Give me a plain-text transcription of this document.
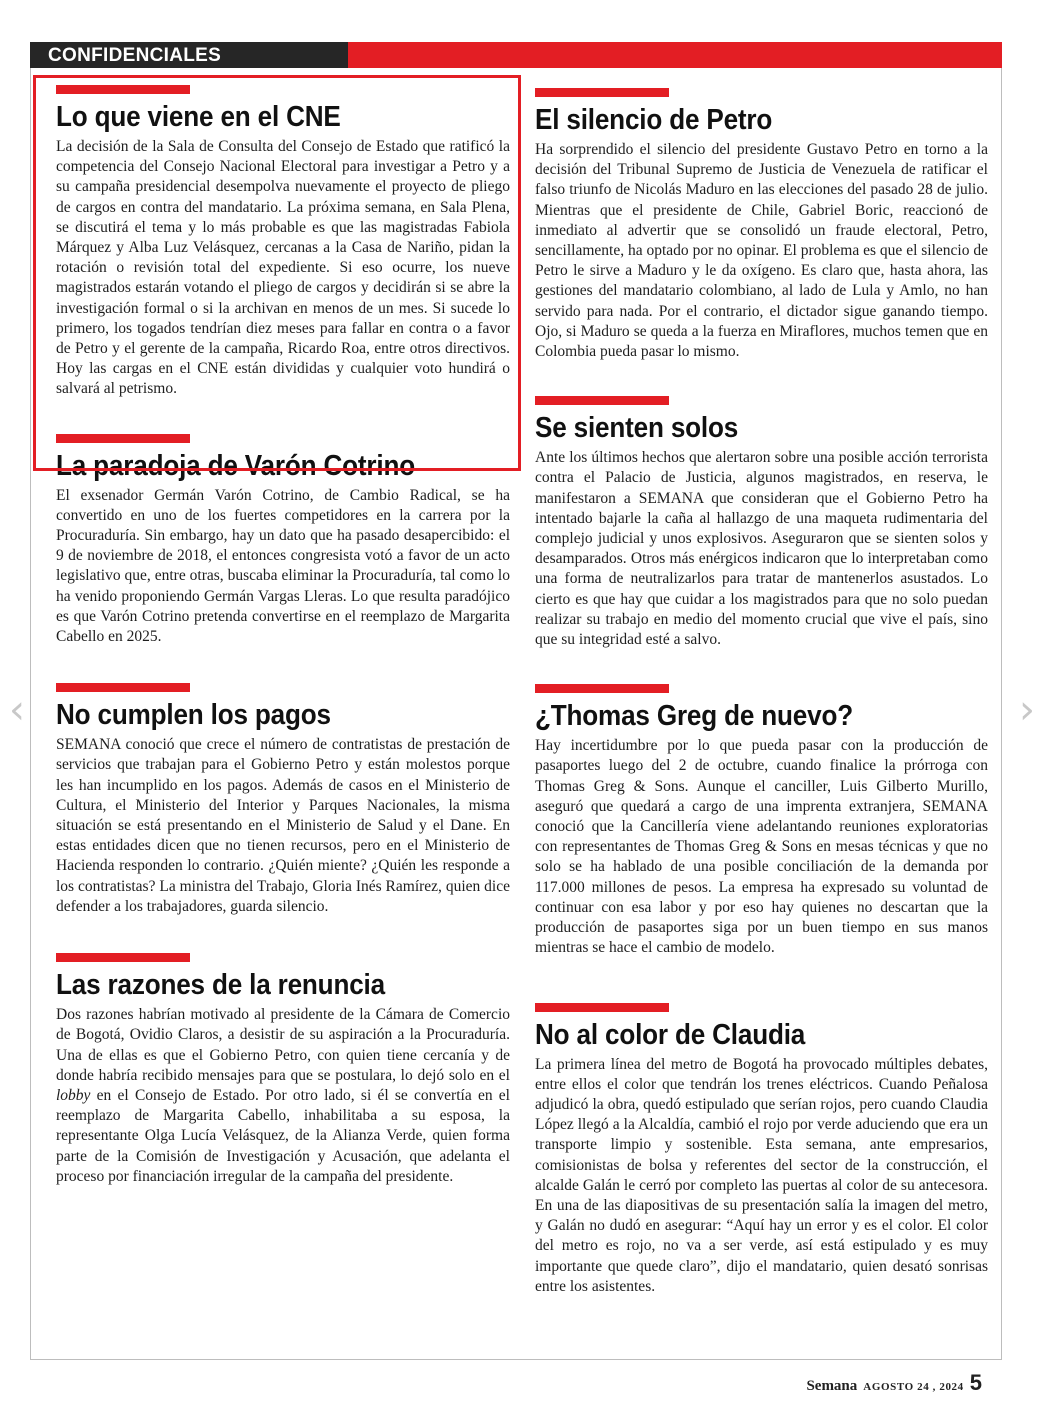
CONFIDENCIALES
Lo que viene en el CNE

La decisión de la Sala de Consulta del Consejo de Estado que ratificó la competencia del Consejo Nacional Electoral para investigar a Petro y a su campaña presidencial desempolva nuevamente el proyecto de pliego de cargos en contra del mandatario. La próxima semana, en Sala Plena, se discutirá el tema y lo más probable es que las magistradas Fabiola Márquez y Alba Luz Velásquez, cercanas a la Casa de Nariño, pidan la rotación o revisión total del expediente. Si eso ocurre, los nueve magistrados estarán votando el pliego de cargos y decidirán si se abre la investigación formal o si la archivan en menos de un mes. Si sucede lo primero, los togados tendrían diez meses para fallar en contra o a favor de Petro y el gerente de la campaña, Ricardo Roa, entre otros directivos. Hoy las cargas en el CNE están divididas y cualquier voto hundirá o salvará al petrismo.

La paradoja de Varón Cotrino

El exsenador Germán Varón Cotrino, de Cambio Radical, se ha convertido en uno de los fuertes competidores en la carrera por la Procuraduría. Sin embargo, hay un dato que ha pasado desapercibido: el 9 de noviembre de 2018, el entonces congresista votó a favor de un acto legislativo que, entre otras, buscaba eliminar la Procuraduría, tal como lo ha venido proponiendo Germán Vargas Lleras. Lo que resulta paradójico es que Varón Cotrino pretenda convertirse en el reemplazo de Margarita Cabello en 2025.

No cumplen los pagos

SEMANA conoció que crece el número de contratistas de prestación de servicios que trabajan para el Gobierno Petro y están molestos porque les han incumplido en los pagos. Además de casos en el Ministerio de Cultura, el Ministerio del Interior y Parques Nacionales, la misma situación se está presentando en el Ministerio de Salud y el Dane. En estas entidades dicen que no tienen recursos, pero en el Ministerio de Hacienda responden lo contrario. ¿Quién miente? ¿Quién les responde a los contratistas? La ministra del Trabajo, Gloria Inés Ramírez, quien dice defender a los trabajadores, guarda silencio.

Las razones de la renuncia

Dos razones habrían motivado al presidente de la Cámara de Comercio de Bogotá, Ovidio Claros, a desistir de su aspiración a la Procuraduría. Una de ellas es que el Gobierno Petro, con quien tiene cercanía y de donde habría recibido mensajes para que se postulara, lo dejó solo en el lobby en el Consejo de Estado. Por otro lado, si él se convertía en el reemplazo de Margarita Cabello, inhabilitaba a su esposa, la representante Olga Lucía Velásquez, de la Alianza Verde, quien forma parte de la Comisión de Investigación y Acusación, que adelanta el proceso por financiación irregular de la campaña del presidente.

El silencio de Petro

Ha sorprendido el silencio del presidente Gustavo Petro en torno a la decisión del Tribunal Supremo de Justicia de Venezuela de ratificar el falso triunfo de Nicolás Maduro en las elecciones del pasado 28 de julio. Mientras que el presidente de Chile, Gabriel Boric, reaccionó de inmediato al advertir que se consolidó un fraude electoral, Petro, sencillamente, ha optado por no opinar. El problema es que el silencio de Petro le sirve a Maduro y le da oxígeno. Es claro que, hasta ahora, las gestiones del mandatario colombiano, al lado de Lula y Amlo, no han servido para nada. Por el contrario, el dictador sigue ganando tiempo. Ojo, si Maduro se queda a la fuerza en Miraflores, muchos temen que en Colombia pueda pasar lo mismo.

Se sienten solos

Ante los últimos hechos que alertaron sobre una posible acción terrorista contra el Palacio de Justicia, algunos magistrados, en reserva, le manifestaron a SEMANA que consideran que el Gobierno Petro ha intentado bajarle la caña al hallazgo de una maqueta rudimentaria del complejo judicial y unos explosivos. Aseguraron que se sienten solos y desamparados. Otros más enérgicos indicaron que lo interpretaban como una forma de neutralizarlos para tratar de mantenerlos asustados. Lo cierto es que hay que cuidar a los magistrados para que no solo puedan realizar su trabajo en medio del momento crucial que vive el país, sino que su integridad esté a salvo.

¿Thomas Greg de nuevo?

Hay incertidumbre por lo que pueda pasar con la producción de pasaportes luego del 2 de octubre, cuando finalice la prórroga con Thomas Greg & Sons. Aunque el canciller, Luis Gilberto Murillo, aseguró que quedará a cargo de una imprenta extranjera, SEMANA conoció que la Cancillería viene adelantando reuniones exploratorias con representantes de Thomas Greg & Sons en mesas técnicas y que no solo se ha hablado de una posible conciliación de la demanda por 117.000 millones de pesos. La empresa ha expresado su voluntad de continuar con esa labor y por eso hay quienes no descartan que la producción de pasaportes siga por un buen tiempo en sus manos mientras se hace el cambio de modelo.

No al color de Claudia

La primera línea del metro de Bogotá ha provocado múltiples debates, entre ellos el color que tendrán los trenes eléctricos. Cuando Peñalosa adjudicó la obra, quedó estipulado que serían rojos, pero cuando Claudia López llegó a la Alcaldía, cambió el rojo por verde aduciendo que era un transporte limpio y sostenible. Esta semana, ante empresarios, comisionistas de bolsa y referentes del sector de la construcción, el alcalde Galán le cerró por completo las puertas al color de su antecesora. En una de las diapositivas de su presentación salía la imagen del metro, y Galán no dudó en asegurar: “Aquí hay un error y es el color. El color del metro es rojo, no va a ser verde, así está estipulado y es muy importante que quede claro”, dijo el mandatario, quien desató sonrisas entre los asistentes.

‹	›
Semana AGOSTO 24 , 2024 5
